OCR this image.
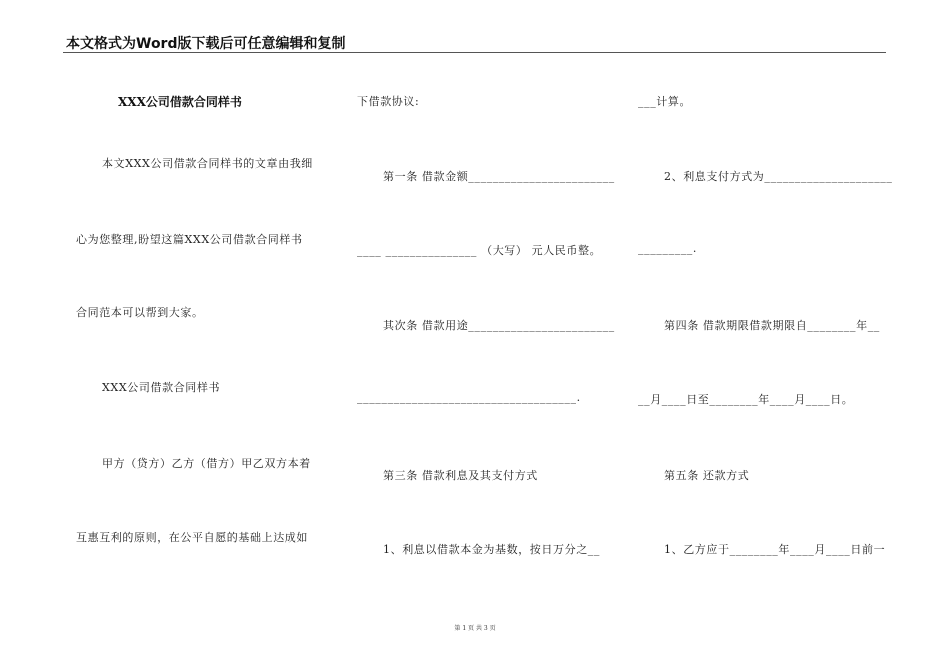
本文格式为Word版下载后可任意编辑和复制
XXX公司借款合同样书
本文XXX公司借款合同样书的文章由我细
心为您整理,盼望这篇XXX公司借款合同样书
合同范本可以帮到大家。
XXX公司借款合同样书
甲方（贷方）乙方（借方）甲乙双方本着
互惠互利的原则，在公平自愿的基础上达成如
下借款协议:
第一条 借款金额________________________
____ _______________ （大写） 元人民币整。
其次条 借款用途________________________
____________________________________.
第三条 借款利息及其支付方式
1、利息以借款本金为基数，按日万分之__
___计算。
2、利息支付方式为_____________________
_________.
第四条 借款期限借款期限自________年__
__月____日至________年____月____日。
第五条 还款方式
1、乙方应于________年____月____日前一
第 1 页 共 3 页
